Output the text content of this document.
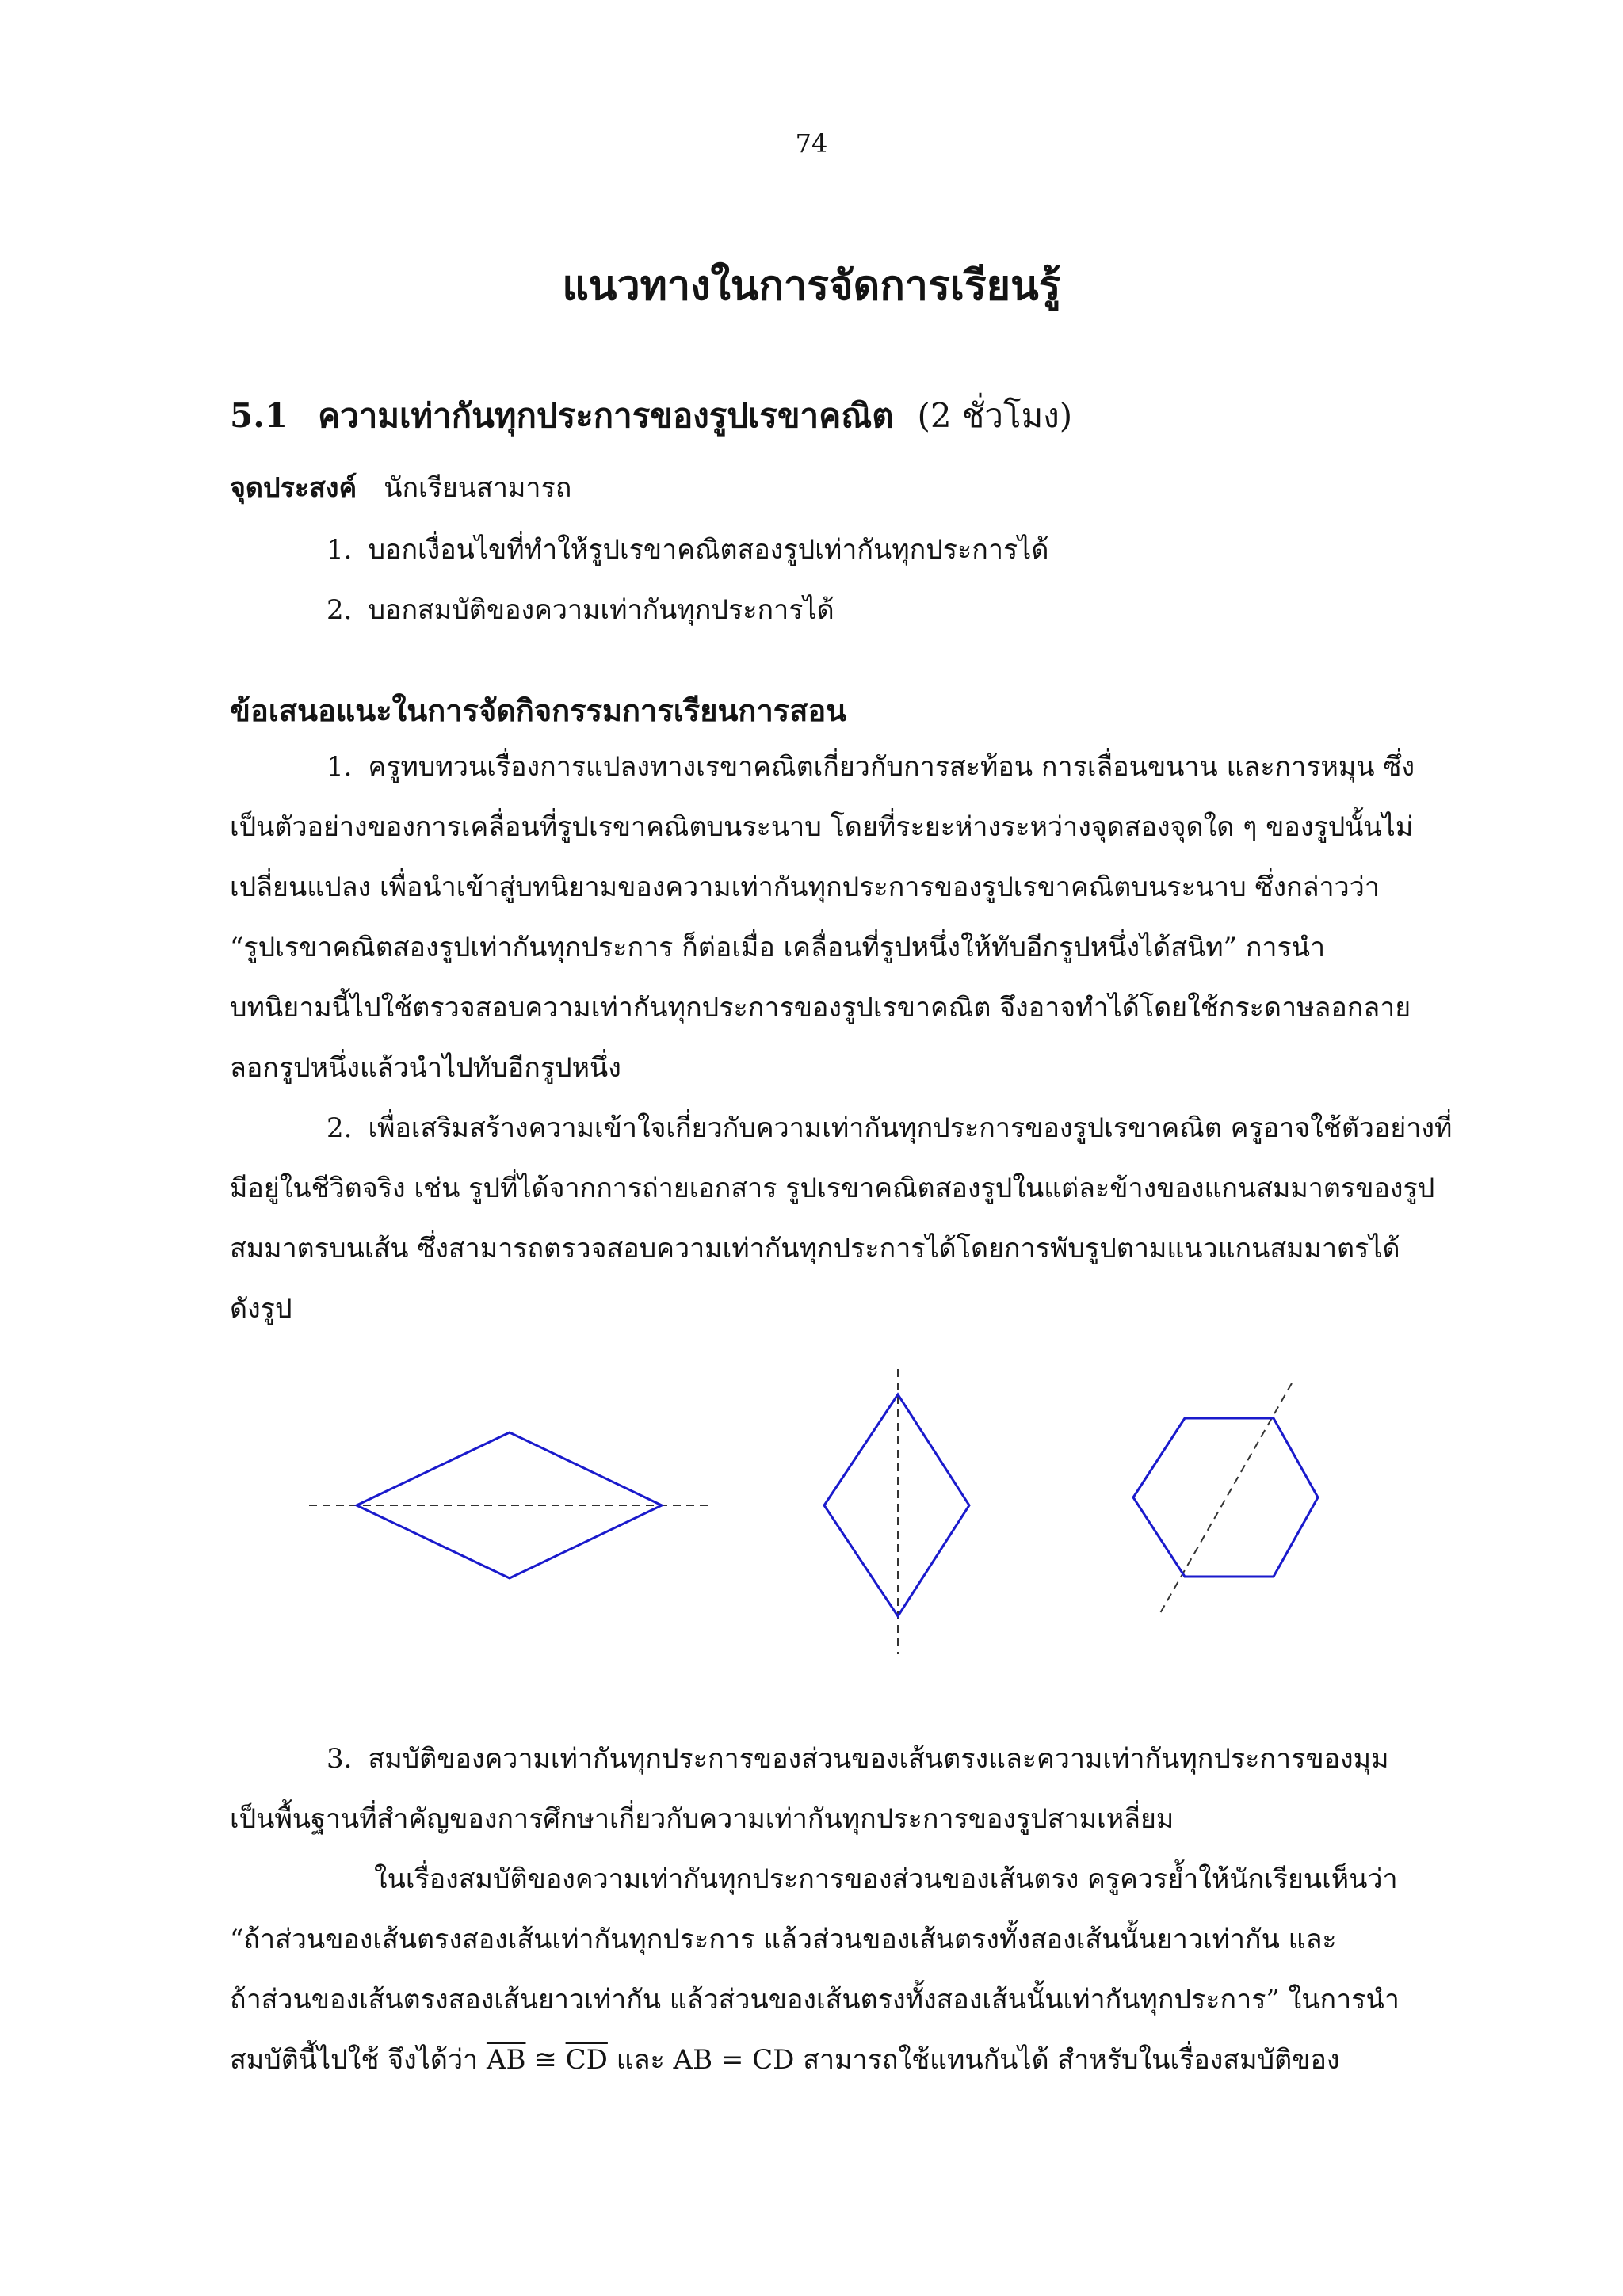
74
แนวทางในการจัดการเรียนรู้
5.1 ความเท่ากันทุกประการของรูปเรขาคณิต (2 ชั่วโมง)
จุดประสงค์ นักเรียนสามารถ
1. บอกเงื่อนไขที่ทำให้รูปเรขาคณิตสองรูปเท่ากันทุกประการได้
2. บอกสมบัติของความเท่ากันทุกประการได้
ข้อเสนอแนะในการจัดกิจกรรมการเรียนการสอน
1. ครูทบทวนเรื่องการแปลงทางเรขาคณิตเกี่ยวกับการสะท้อน การเลื่อนขนาน และการหมุน ซึ่ง
เป็นตัวอย่างของการเคลื่อนที่รูปเรขาคณิตบนระนาบ โดยที่ระยะห่างระหว่างจุดสองจุดใด ๆ ของรูปนั้นไม่
เปลี่ยนแปลง เพื่อนำเข้าสู่บทนิยามของความเท่ากันทุกประการของรูปเรขาคณิตบนระนาบ ซึ่งกล่าวว่า
“รูปเรขาคณิตสองรูปเท่ากันทุกประการ ก็ต่อเมื่อ เคลื่อนที่รูปหนึ่งให้ทับอีกรูปหนึ่งได้สนิท” การนำ
บทนิยามนี้ไปใช้ตรวจสอบความเท่ากันทุกประการของรูปเรขาคณิต จึงอาจทำได้โดยใช้กระดาษลอกลาย
ลอกรูปหนึ่งแล้วนำไปทับอีกรูปหนึ่ง
2. เพื่อเสริมสร้างความเข้าใจเกี่ยวกับความเท่ากันทุกประการของรูปเรขาคณิต ครูอาจใช้ตัวอย่างที่
มีอยู่ในชีวิตจริง เช่น รูปที่ได้จากการถ่ายเอกสาร รูปเรขาคณิตสองรูปในแต่ละข้างของแกนสมมาตรของรูป
สมมาตรบนเส้น ซึ่งสามารถตรวจสอบความเท่ากันทุกประการได้โดยการพับรูปตามแนวแกนสมมาตรได้
ดังรูป
3. สมบัติของความเท่ากันทุกประการของส่วนของเส้นตรงและความเท่ากันทุกประการของมุม
เป็นพื้นฐานที่สำคัญของการศึกษาเกี่ยวกับความเท่ากันทุกประการของรูปสามเหลี่ยม
ในเรื่องสมบัติของความเท่ากันทุกประการของส่วนของเส้นตรง ครูควรย้ำให้นักเรียนเห็นว่า
“ถ้าส่วนของเส้นตรงสองเส้นเท่ากันทุกประการ แล้วส่วนของเส้นตรงทั้งสองเส้นนั้นยาวเท่ากัน และ
ถ้าส่วนของเส้นตรงสองเส้นยาวเท่ากัน แล้วส่วนของเส้นตรงทั้งสองเส้นนั้นเท่ากันทุกประการ” ในการนำ
สมบัตินี้ไปใช้ จึงได้ว่า $\overline{AB}$ ≅ $\overline{CD}$ และ AB = CD สามารถใช้แทนกันได้ สำหรับในเรื่องสมบัติของ
